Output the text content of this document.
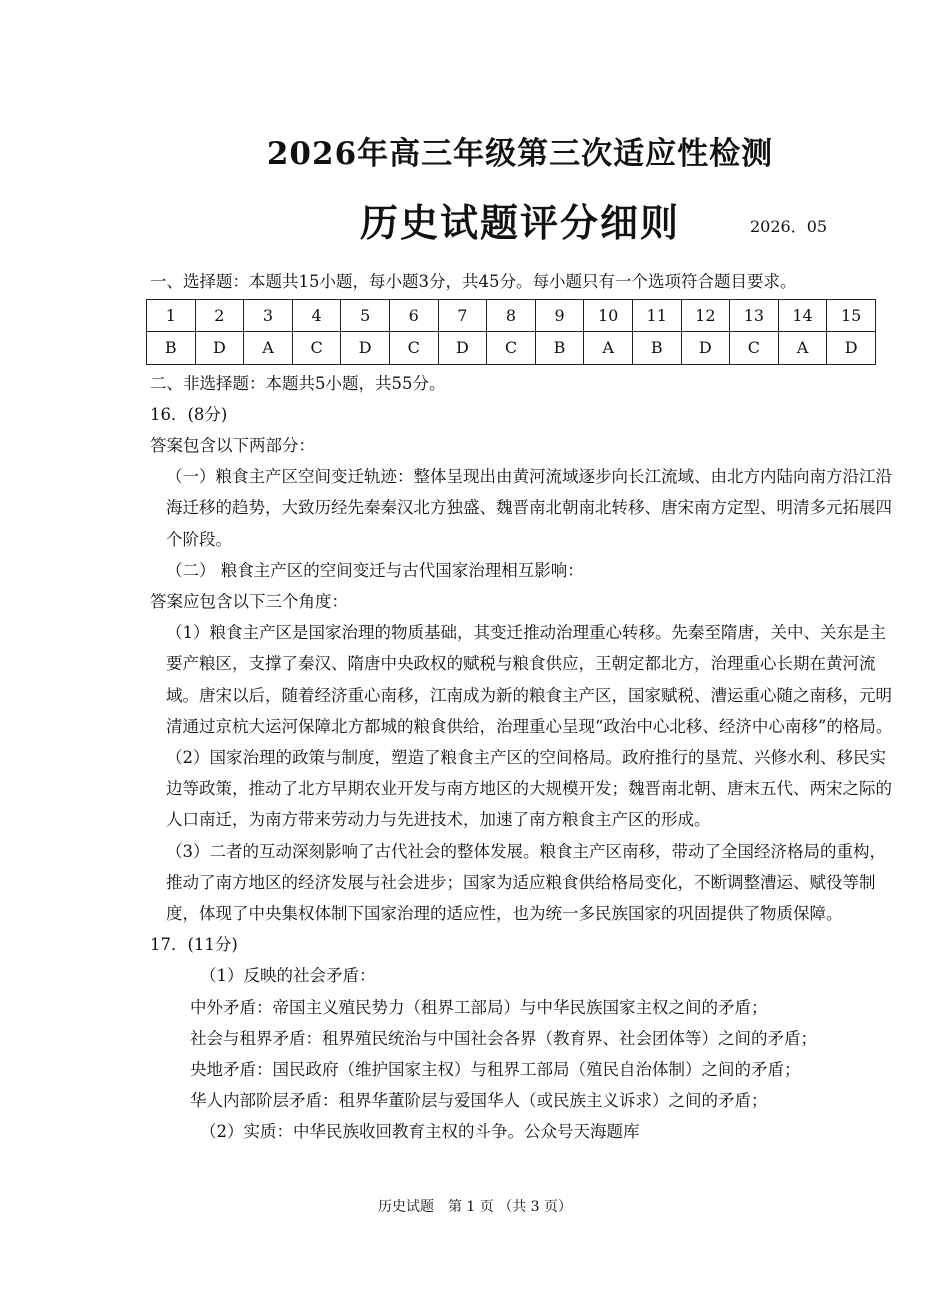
2026年高三年级第三次适应性检测
历史试题评分细则	2026．05

一、选择题：本题共15小题，每小题3分，共45分。每小题只有一个选项符合题目要求。

1	2	3	4	5	6	7	8	9	10	11	12	13	14	15
B	D	A	C	D	C	D	C	B	A	B	D	C	A	D

二、非选择题：本题共5小题，共55分。

16．(8分)

答案包含以下两部分：

（一）粮食主产区空间变迁轨迹：整体呈现出由黄河流域逐步向长江流域、由北方内陆向南方沿江沿海迁移的趋势，大致历经先秦秦汉北方独盛、魏晋南北朝南北转移、唐宋南方定型、明清多元拓展四个阶段。

（二） 粮食主产区的空间变迁与古代国家治理相互影响：

答案应包含以下三个角度：

（1）粮食主产区是国家治理的物质基础，其变迁推动治理重心转移。先秦至隋唐，关中、关东是主要产粮区，支撑了秦汉、隋唐中央政权的赋税与粮食供应，王朝定都北方，治理重心长期在黄河流域。唐宋以后，随着经济重心南移，江南成为新的粮食主产区，国家赋税、漕运重心随之南移，元明清通过京杭大运河保障北方都城的粮食供给，治理重心呈现“政治中心北移、经济中心南移”的格局。

（2）国家治理的政策与制度，塑造了粮食主产区的空间格局。政府推行的垦荒、兴修水利、移民实边等政策，推动了北方早期农业开发与南方地区的大规模开发；魏晋南北朝、唐末五代、两宋之际的人口南迁，为南方带来劳动力与先进技术，加速了南方粮食主产区的形成。

（3）二者的互动深刻影响了古代社会的整体发展。粮食主产区南移，带动了全国经济格局的重构，推动了南方地区的经济发展与社会进步；国家为适应粮食供给格局变化，不断调整漕运、赋役等制度，体现了中央集权体制下国家治理的适应性，也为统一多民族国家的巩固提供了物质保障。

17．(11分)

（1）反映的社会矛盾：

中外矛盾：帝国主义殖民势力（租界工部局）与中华民族国家主权之间的矛盾；

社会与租界矛盾：租界殖民统治与中国社会各界（教育界、社会团体等）之间的矛盾；

央地矛盾：国民政府（维护国家主权）与租界工部局（殖民自治体制）之间的矛盾；

华人内部阶层矛盾：租界华董阶层与爱国华人（或民族主义诉求）之间的矛盾；

（2）实质：中华民族收回教育主权的斗争。公众号天海题库

历史试题　第 1 页 （共 3 页）
